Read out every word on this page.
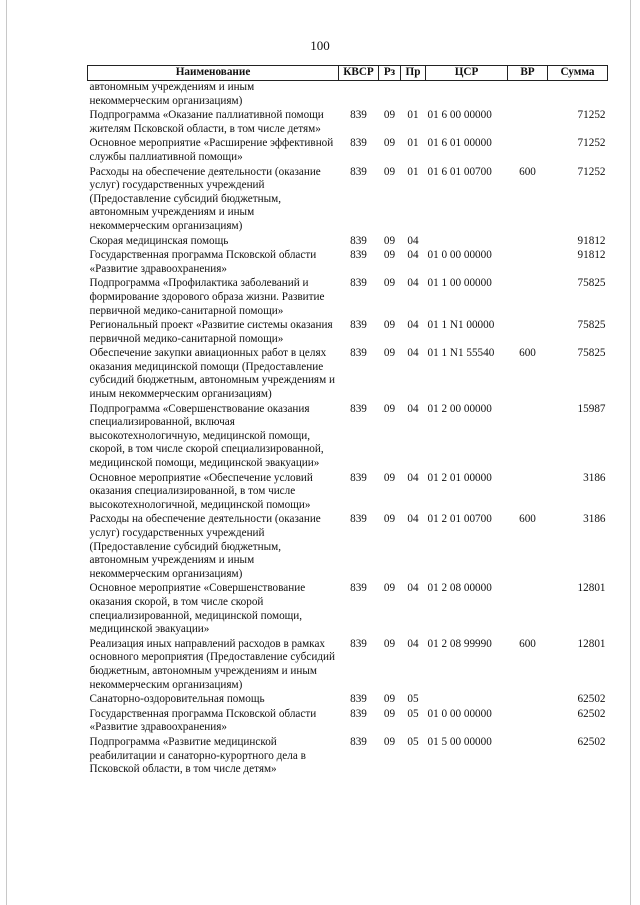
100
Наименование	КВСР	Рз	Пр	ЦСР	ВР	Сумма
автономным учреждениям и иным некоммерческим организациям)						
Подпрограмма «Оказание паллиативной помощи жителям Псковской области, в том числе детям»	839	09	01	01 6 00 00000		71252
Основное мероприятие «Расширение эффективной службы паллиативной помощи»	839	09	01	01 6 01 00000		71252
Расходы на обеспечение деятельности (оказание услуг) государственных учреждений (Предоставление субсидий бюджетным, автономным учреждениям и иным некоммерческим организациям)	839	09	01	01 6 01 00700	600	71252
Скорая медицинская помощь	839	09	04			91812
Государственная программа Псковской области «Развитие здравоохранения»	839	09	04	01 0 00 00000		91812
Подпрограмма «Профилактика заболеваний и формирование здорового образа жизни. Развитие первичной медико-санитарной помощи»	839	09	04	01 1 00 00000		75825
Региональный проект «Развитие системы оказания первичной медико-санитарной помощи»	839	09	04	01 1 N1 00000		75825
Обеспечение закупки авиационных работ в целях оказания медицинской помощи (Предоставление субсидий бюджетным, автономным учреждениям и иным некоммерческим организациям)	839	09	04	01 1 N1 55540	600	75825
Подпрограмма «Совершенствование оказания специализированной, включая высокотехнологичную, медицинской помощи, скорой, в том числе скорой специализированной, медицинской помощи, медицинской эвакуации»	839	09	04	01 2 00 00000		15987
Основное мероприятие «Обеспечение условий оказания специализированной, в том числе высокотехнологичной, медицинской помощи»	839	09	04	01 2 01 00000		3186
Расходы на обеспечение деятельности (оказание услуг) государственных учреждений (Предоставление субсидий бюджетным, автономным учреждениям и иным некоммерческим организациям)	839	09	04	01 2 01 00700	600	3186
Основное мероприятие «Совершенствование оказания скорой, в том числе скорой специализированной, медицинской помощи, медицинской эвакуации»	839	09	04	01 2 08 00000		12801
Реализация иных направлений расходов в рамках основного мероприятия (Предоставление субсидий бюджетным, автономным учреждениям и иным некоммерческим организациям)	839	09	04	01 2 08 99990	600	12801
Санаторно-оздоровительная помощь	839	09	05			62502
Государственная программа Псковской области «Развитие здравоохранения»	839	09	05	01 0 00 00000		62502
Подпрограмма «Развитие медицинской реабилитации и санаторно-курортного дела в Псковской области, в том числе детям»	839	09	05	01 5 00 00000		62502
